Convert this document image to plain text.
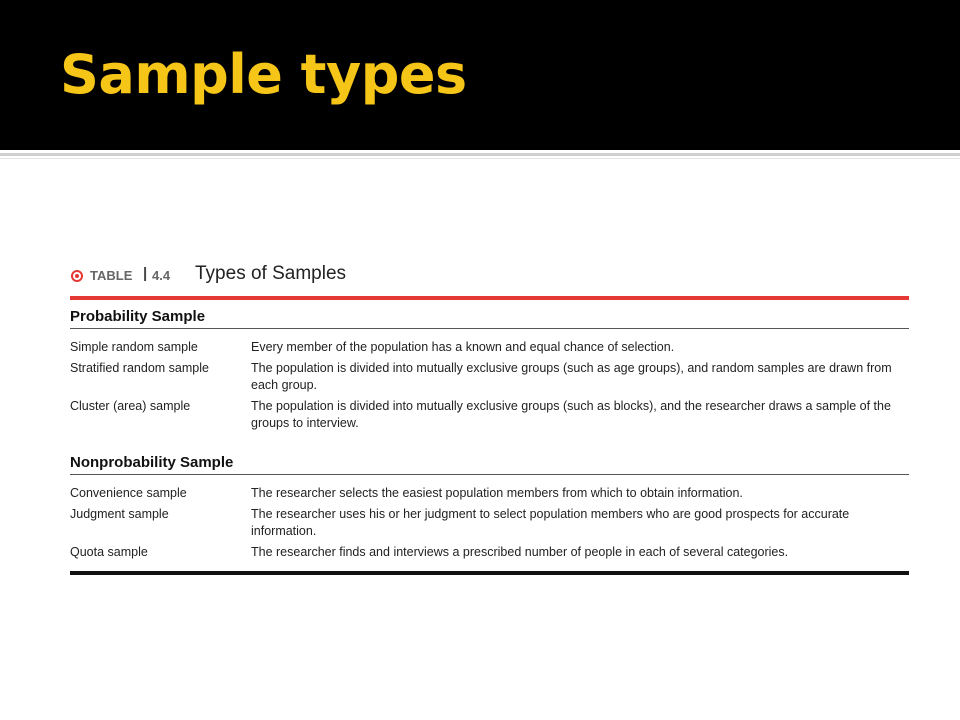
Sample types
TABLE | 4.4 Types of Samples
Probability Sample
Simple random sample	Every member of the population has a known and equal chance of selection.
Stratified random sample	The population is divided into mutually exclusive groups (such as age groups), and random samples are drawn from each group.
Cluster (area) sample	The population is divided into mutually exclusive groups (such as blocks), and the researcher draws a sample of the groups to interview.
Nonprobability Sample
Convenience sample	The researcher selects the easiest population members from which to obtain information.
Judgment sample	The researcher uses his or her judgment to select population members who are good prospects for accurate information.
Quota sample	The researcher finds and interviews a prescribed number of people in each of several categories.
